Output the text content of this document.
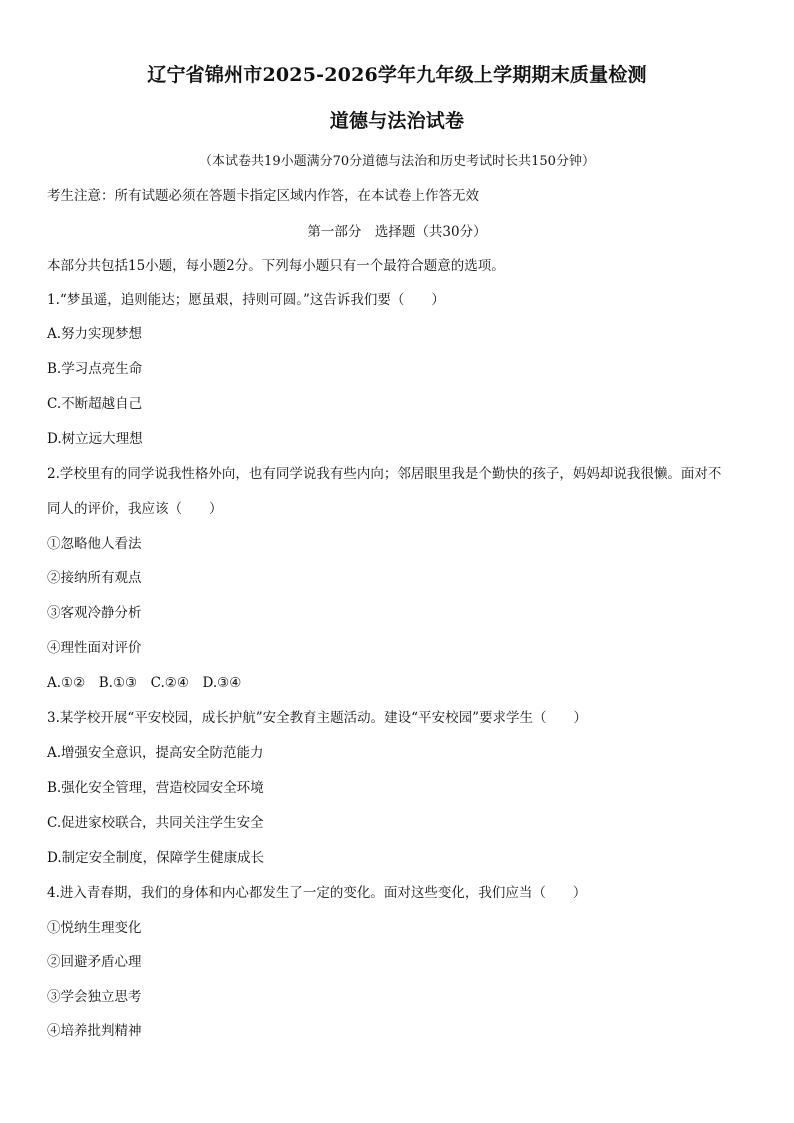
辽宁省锦州市2025-2026学年九年级上学期期末质量检测
道德与法治试卷
（本试卷共19小题满分70分道德与法治和历史考试时长共150分钟）
考生注意：所有试题必须在答题卡指定区域内作答，在本试卷上作答无效
第一部分　选择题（共30分）
本部分共包括15小题，每小题2分。下列每小题只有一个最符合题意的选项。
1.“梦虽遥，追则能达；愿虽艰，持则可圆。”这告诉我们要（　　）
A.努力实现梦想
B.学习点亮生命
C.不断超越自己
D.树立远大理想
2.学校里有的同学说我性格外向，也有同学说我有些内向；邻居眼里我是个勤快的孩子，妈妈却说我很懒。面对不
同人的评价，我应该（　　）
①忽略他人看法
②接纳所有观点
③客观冷静分析
④理性面对评价
A.①②　B.①③　C.②④　D.③④
3.某学校开展“平安校园，成长护航”安全教育主题活动。建设“平安校园”要求学生（　　）
A.增强安全意识，提高安全防范能力
B.强化安全管理，营造校园安全环境
C.促进家校联合，共同关注学生安全
D.制定安全制度，保障学生健康成长
4.进入青春期，我们的身体和内心都发生了一定的变化。面对这些变化，我们应当（　　）
①悦纳生理变化
②回避矛盾心理
③学会独立思考
④培养批判精神
